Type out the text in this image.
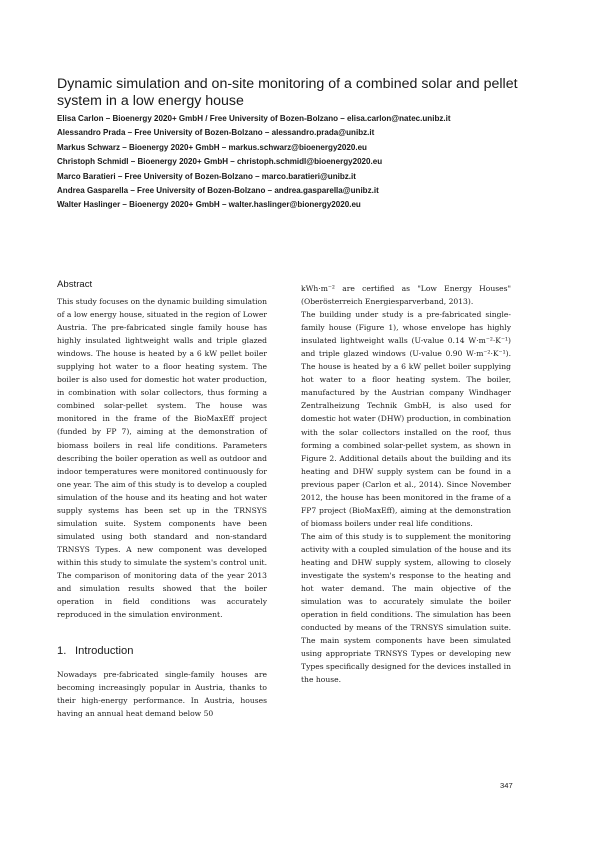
Dynamic simulation and on-site monitoring of a combined solar and pellet system in a low energy house
Elisa Carlon – Bioenergy 2020+ GmbH / Free University of Bozen-Bolzano – elisa.carlon@natec.unibz.it
Alessandro Prada – Free University of Bozen-Bolzano – alessandro.prada@unibz.it
Markus Schwarz – Bioenergy 2020+ GmbH – markus.schwarz@bioenergy2020.eu
Christoph Schmidl – Bioenergy 2020+ GmbH – christoph.schmidl@bioenergy2020.eu
Marco Baratieri – Free University of Bozen-Bolzano – marco.baratieri@unibz.it
Andrea Gasparella – Free University of Bozen-Bolzano – andrea.gasparella@unibz.it
Walter Haslinger – Bioenergy 2020+ GmbH – walter.haslinger@bionergy2020.eu
Abstract

This study focuses on the dynamic building simulation of a low energy house, situated in the region of Lower Austria. The pre-fabricated single family house has highly insulated lightweight walls and triple glazed windows. The house is heated by a 6 kW pellet boiler supplying hot water to a floor heating system. The boiler is also used for domestic hot water production, in combination with solar collectors, thus forming a combined solar-pellet system. The house was monitored in the frame of the BioMaxEff project (funded by FP 7), aiming at the demonstration of biomass boilers in real life conditions. Parameters describing the boiler operation as well as outdoor and indoor temperatures were monitored continuously for one year. The aim of this study is to develop a coupled simulation of the house and its heating and hot water supply systems has been set up in the TRNSYS simulation suite. System components have been simulated using both standard and non-standard TRNSYS Types. A new component was developed within this study to simulate the system's control unit. The comparison of monitoring data of the year 2013 and simulation results showed that the boiler operation in field conditions was accurately reproduced in the simulation environment.

1. Introduction

Nowadays pre-fabricated single-family houses are becoming increasingly popular in Austria, thanks to their high-energy performance. In Austria, houses having an annual heat demand below 50

kWh·m⁻² are certified as "Low Energy Houses" (Oberösterreich Energiesparverband, 2013).

The building under study is a pre-fabricated single-family house (Figure 1), whose envelope has highly insulated lightweight walls (U-value 0.14 W·m⁻²·K⁻¹) and triple glazed windows (U-value 0.90 W·m⁻²·K⁻¹). The house is heated by a 6 kW pellet boiler supplying hot water to a floor heating system. The boiler, manufactured by the Austrian company Windhager Zentralheizung Technik GmbH, is also used for domestic hot water (DHW) production, in combination with the solar collectors installed on the roof, thus forming a combined solar-pellet system, as shown in Figure 2. Additional details about the building and its heating and DHW supply system can be found in a previous paper (Carlon et al., 2014). Since November 2012, the house has been monitored in the frame of a FP7 project (BioMaxEff), aiming at the demonstration of biomass boilers under real life conditions.

The aim of this study is to supplement the monitoring activity with a coupled simulation of the house and its heating and DHW supply system, allowing to closely investigate the system's response to the heating and hot water demand. The main objective of the simulation was to accurately simulate the boiler operation in field conditions. The simulation has been conducted by means of the TRNSYS simulation suite. The main system components have been simulated using appropriate TRNSYS Types or developing new Types specifically designed for the devices installed in the house.

347
